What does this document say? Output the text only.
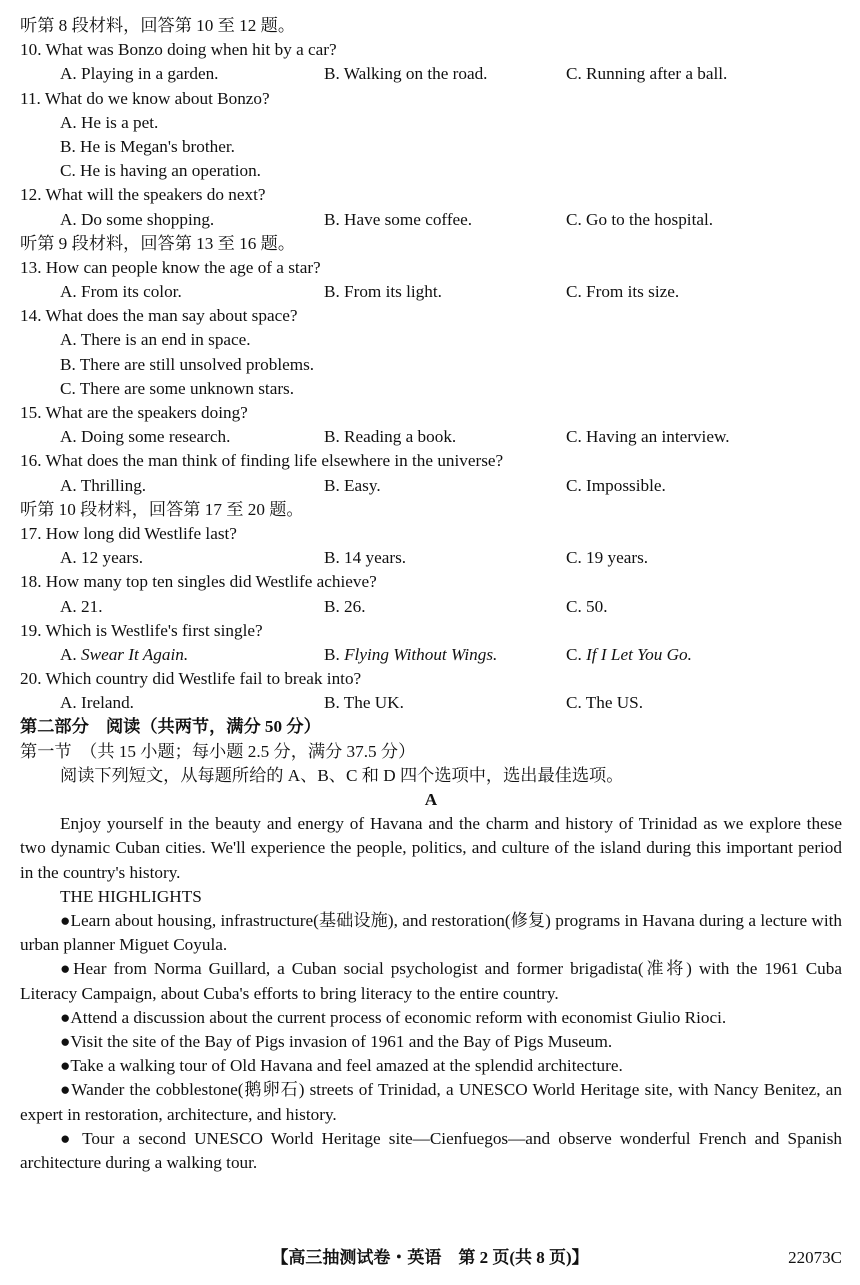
听第 8 段材料，回答第 10 至 12 题。
10. What was Bonzo doing when hit by a car?
A. Playing in a garden.	B. Walking on the road.	C. Running after a ball.
11. What do we know about Bonzo?
A. He is a pet.
B. He is Megan's brother.
C. He is having an operation.
12. What will the speakers do next?
A. Do some shopping.	B. Have some coffee.	C. Go to the hospital.
听第 9 段材料，回答第 13 至 16 题。
13. How can people know the age of a star?
A. From its color.	B. From its light.	C. From its size.
14. What does the man say about space?
A. There is an end in space.
B. There are still unsolved problems.
C. There are some unknown stars.
15. What are the speakers doing?
A. Doing some research.	B. Reading a book.	C. Having an interview.
16. What does the man think of finding life elsewhere in the universe?
A. Thrilling.	B. Easy.	C. Impossible.
听第 10 段材料，回答第 17 至 20 题。
17. How long did Westlife last?
A. 12 years.	B. 14 years.	C. 19 years.
18. How many top ten singles did Westlife achieve?
A. 21.	B. 26.	C. 50.
19. Which is Westlife's first single?
A. Swear It Again.	B. Flying Without Wings.	C. If I Let You Go.
20. Which country did Westlife fail to break into?
A. Ireland.	B. The UK.	C. The US.
第二部分　阅读（共两节，满分 50 分）
第一节　（共 15 小题；每小题 2.5 分，满分 37.5 分）
阅读下列短文，从每题所给的 A、B、C 和 D 四个选项中，选出最佳选项。
A
Enjoy yourself in the beauty and energy of Havana and the charm and history of Trinidad as we explore these two dynamic Cuban cities. We'll experience the people, politics, and culture of the island during this important period in the country's history.
THE HIGHLIGHTS
●Learn about housing, infrastructure(基础设施), and restoration(修复) programs in Havana during a lecture with urban planner Miguet Coyula.
●Hear from Norma Guillard, a Cuban social psychologist and former brigadista(准将) with the 1961 Cuba Literacy Campaign, about Cuba's efforts to bring literacy to the entire country.
●Attend a discussion about the current process of economic reform with economist Giulio Rioci.
●Visit the site of the Bay of Pigs invasion of 1961 and the Bay of Pigs Museum.
●Take a walking tour of Old Havana and feel amazed at the splendid architecture.
●Wander the cobblestone(鹅卵石) streets of Trinidad, a UNESCO World Heritage site, with Nancy Benitez, an expert in restoration, architecture, and history.
● Tour a second UNESCO World Heritage site—Cienfuegos—and observe wonderful French and Spanish architecture during a walking tour.
【高三抽测试卷・英语　第 2 页(共 8 页)】	22073C
